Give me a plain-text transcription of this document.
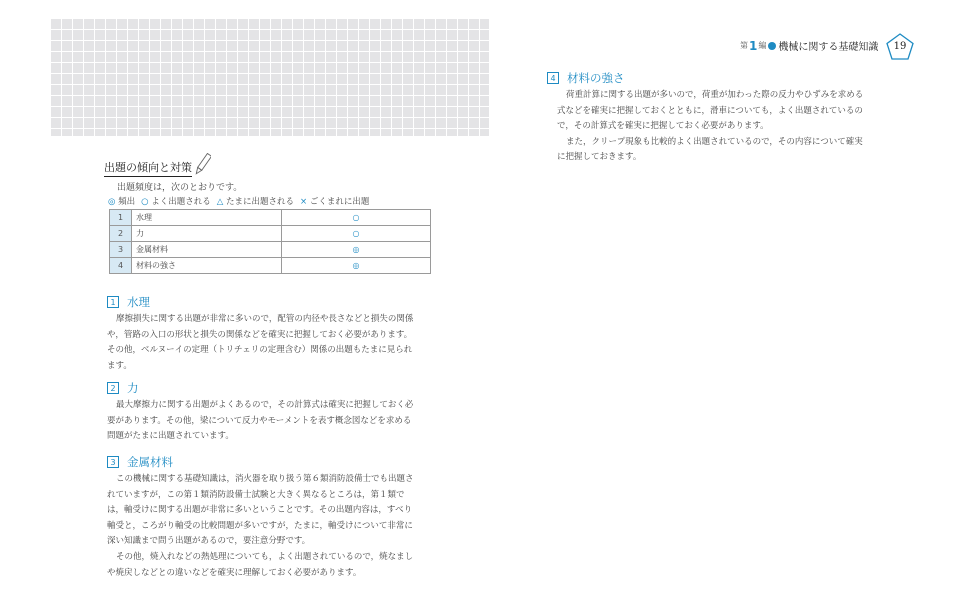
第 1 編 機械に関する基礎知識	19
出題の傾向と対策
出題頻度は，次のとおりです。
◎ 頻出 ○ よく出題される △ たまに出題される × ごくまれに出題
1	水理	○
2	力	○
3	金属材料	◎
4	材料の強さ	◎
1 水理
摩擦損失に関する出題が非常に多いので，配管の内径や長さなどと損失の関係
や，管路の入口の形状と損失の関係などを確実に把握しておく必要があります。
その他，ベルヌーイの定理（トリチェリの定理含む）関係の出題もたまに見られ
ます。
2 力
最大摩擦力に関する出題がよくあるので，その計算式は確実に把握しておく必
要があります。その他，梁について反力やモーメントを表す概念図などを求める
問題がたまに出題されています。
3 金属材料
この機械に関する基礎知識は，消火器を取り扱う第６類消防設備士でも出題さ
れていますが，この第１類消防設備士試験と大きく異なるところは，第１類で
は，軸受けに関する出題が非常に多いということです。その出題内容は，すべり
軸受と，ころがり軸受の比較問題が多いですが，たまに，軸受けについて非常に
深い知識まで問う出題があるので，要注意分野です。
その他，焼入れなどの熱処理についても，よく出題されているので，焼なまし
や焼戻しなどとの違いなどを確実に理解しておく必要があります。
4 材料の強さ
荷重計算に関する出題が多いので，荷重が加わった際の反力やひずみを求める
式などを確実に把握しておくとともに，滑車についても，よく出題されているの
で，その計算式を確実に把握しておく必要があります。
また，クリープ現象も比較的よく出題されているので，その内容について確実
に把握しておきます。
